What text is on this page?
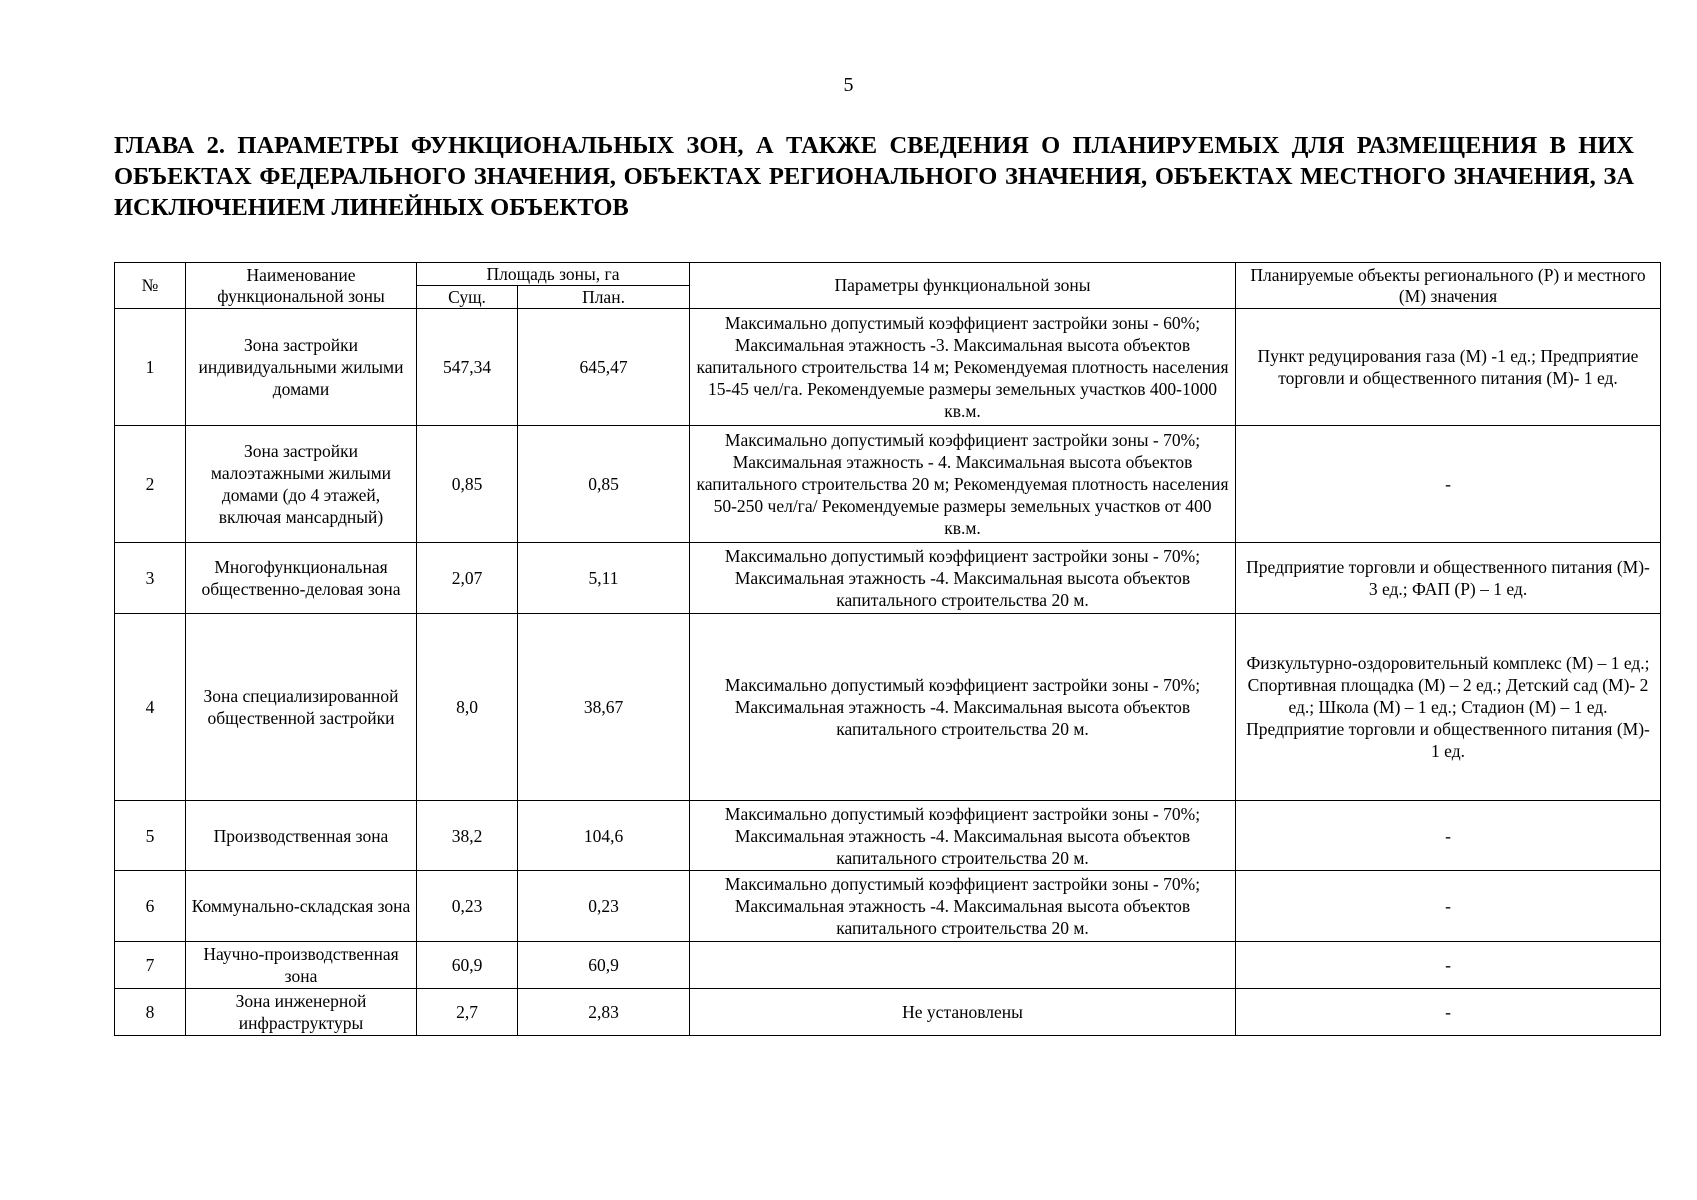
5
ГЛАВА 2. ПАРАМЕТРЫ ФУНКЦИОНАЛЬНЫХ ЗОН, А ТАКЖЕ СВЕДЕНИЯ О ПЛАНИРУЕМЫХ ДЛЯ РАЗМЕЩЕНИЯ В НИХ ОБЪЕКТАХ ФЕДЕРАЛЬНОГО ЗНАЧЕНИЯ, ОБЪЕКТАХ РЕГИОНАЛЬНОГО ЗНАЧЕНИЯ, ОБЪЕКТАХ МЕСТНОГО ЗНАЧЕНИЯ, ЗА ИСКЛЮЧЕНИЕМ ЛИНЕЙНЫХ ОБЪЕКТОВ
№	Наименование функциональной зоны	Площадь зоны, га		Параметры функциональной зоны	Планируемые объекты регионального (Р) и местного (М) значения
		Сущ.	План.		
1	Зона застройки индивидуальными жилыми домами	547,34	645,47	Максимально допустимый коэффициент застройки зоны - 60%; Максимальная этажность -3. Максимальная высота объектов капитального строительства 14 м; Рекомендуемая плотность населения 15-45 чел/га. Рекомендуемые размеры земельных участков 400-1000 кв.м.	Пункт редуцирования газа (М) -1 ед.; Предприятие торговли и общественного питания (М)- 1 ед.
2	Зона застройки малоэтажными жилыми домами (до 4 этажей, включая мансардный)	0,85	0,85	Максимально допустимый коэффициент застройки зоны - 70%; Максимальная этажность - 4. Максимальная высота объектов капитального строительства 20 м; Рекомендуемая плотность населения 50-250 чел/га/ Рекомендуемые размеры земельных участков от 400 кв.м.	-
3	Многофункциональная общественно-деловая зона	2,07	5,11	Максимально допустимый коэффициент застройки зоны - 70%; Максимальная этажность -4. Максимальная высота объектов капитального строительства 20 м.	Предприятие торговли и общественного питания (М)- 3 ед.; ФАП (Р) – 1 ед.
4	Зона специализированной общественной застройки	8,0	38,67	Максимально допустимый коэффициент застройки зоны - 70%; Максимальная этажность -4. Максимальная высота объектов капитального строительства 20 м.	Физкультурно-оздоровительный комплекс (М) – 1 ед.; Спортивная площадка (М) – 2 ед.; Детский сад (М)- 2 ед.; Школа (М) – 1 ед.; Стадион (М) – 1 ед. Предприятие торговли и общественного питания (М)- 1 ед.
5	Производственная зона	38,2	104,6	Максимально допустимый коэффициент застройки зоны - 70%; Максимальная этажность -4. Максимальная высота объектов капитального строительства 20 м.	-
6	Коммунально-складская зона	0,23	0,23	Максимально допустимый коэффициент застройки зоны - 70%; Максимальная этажность -4. Максимальная высота объектов капитального строительства 20 м.	-
7	Научно-производственная зона	60,9	60,9		-
8	Зона инженерной инфраструктуры	2,7	2,83	Не установлены	-
